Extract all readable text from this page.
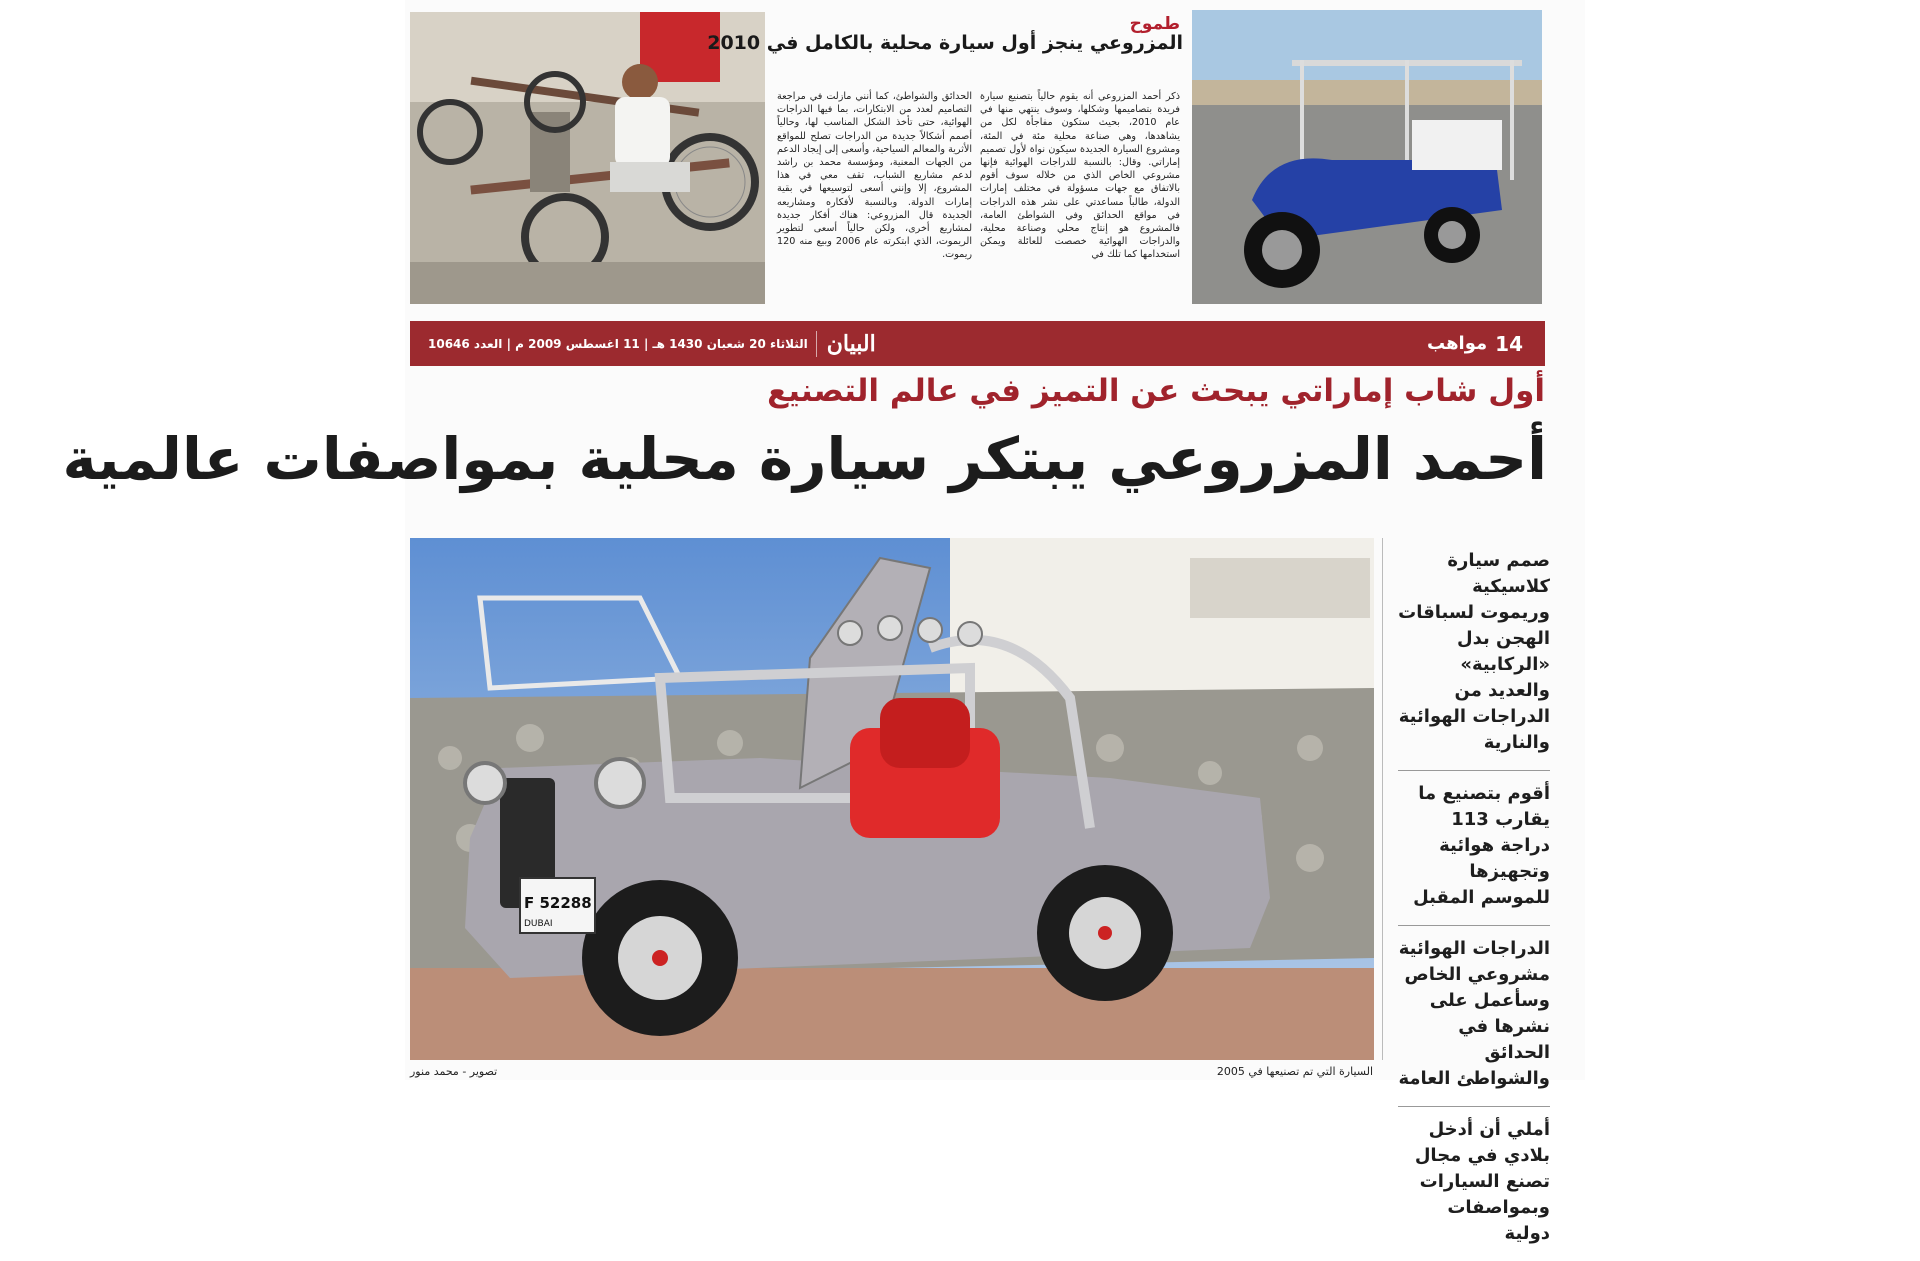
طموح
المزروعي ينجز أول سيارة محلية بالكامل في 2010

ذكر أحمد المزروعي أنه يقوم حالياً بتصنيع سيارة فريدة بتصاميمها وشكلها، وسوف ينتهي منها في عام 2010، بحيث ستكون مفاجأة لكل من يشاهدها، وهي صناعة محلية مئة في المئة، ومشروع السيارة الجديدة سيكون نواة لأول تصميم إماراتي. وقال: بالنسبة للدراجات الهوائية فإنها مشروعي الخاص الذي من خلاله سوف أقوم بالاتفاق مع جهات مسؤولة في مختلف إمارات الدولة، طالباً مساعدتي على نشر هذه الدراجات في مواقع الحدائق وفي الشواطئ العامة، فالمشروع هو إنتاج محلي وصناعة محلية، والدراجات الهوائية خصصت للعائلة ويمكن استخدامها كما تلك في

الحدائق والشواطئ، كما أنني مازلت في مراجعة التصاميم لعدد من الابتكارات، بما فيها الدراجات الهوائية، حتى تأخذ الشكل المناسب لها، وحالياً أصمم أشكالاً جديدة من الدراجات تصلح للمواقع الأثرية والمعالم السياحية، وأسعى إلى إيجاد الدعم من الجهات المعنية، ومؤسسة محمد بن راشد لدعم مشاريع الشباب، تقف معي في هذا المشروع، إلا وإنني أسعى لتوسيعها في بقية إمارات الدولة. وبالنسبة لأفكاره ومشاريعه الجديدة قال المزروعي: هناك أفكار جديدة لمشاريع أخرى، ولكن حالياً أسعى لتطوير الريموت، الذي ابتكرته عام 2006 وبيع منه 120 ريموت.

البيان
الثلاثاء 20 شعبان 1430 هـ | 11 اغسطس 2009 م | العدد 10646	14
مواهب
أول شاب إماراتي يبحث عن التميز في عالم التصنيع
أحمد المزروعي يبتكر سيارة محلية بمواصفات عالمية
F 52288
DUBAI
تصوير - محمد منور	السيارة التي تم تصنيعها في 2005

صمم سيارة كلاسيكية وريموت لسباقات الهجن بدل «الركابية» والعديد من الدراجات الهوائية والنارية

أقوم بتصنيع ما يقارب 113 دراجة هوائية وتجهيزها للموسم المقبل

الدراجات الهوائية مشروعي الخاص وسأعمل على نشرها في الحدائق والشواطئ العامة

أملي أن أدخل بلادي في مجال تصنع السيارات وبمواصفات دولية
